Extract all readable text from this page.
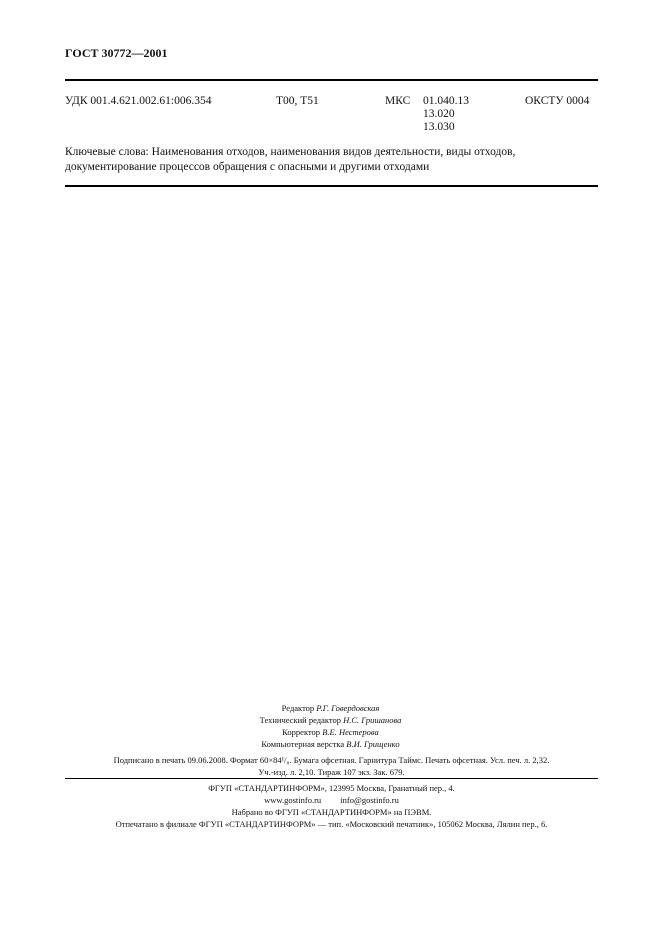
ГОСТ 30772—2001
УДК 001.4.621.002.61:006.354	Т00, Т51	МКС 01.040.13
13.020
13.030
ОКСТУ 0004
Ключевые слова: Наименования отходов, наименования видов деятельности, виды отходов, документирование процессов обращения с опасными и другими отходами
Редактор Р.Г. Говердовская
Технический редактор Н.С. Гришанова
Корректор В.Е. Нестерова
Компьютерная верстка В.И. Грищенко
Подписано в печать 09.06.2008. Формат 60×84¹/₈. Бумага офсетная. Гарнитура Таймс. Печать офсетная. Усл. печ. л. 2,32.
Уч.-изд. л. 2,10. Тираж 107 экз. Зак. 679.
ФГУП «СТАНДАРТИНФОРМ», 123995 Москва, Гранатный пер., 4.
www.gostinfo.ru info@gostinfo.ru
Набрано во ФГУП «СТАНДАРТИНФОРМ» на ПЭВМ.
Отпечатано в филиале ФГУП «СТАНДАРТИНФОРМ» — тип. «Московский печатник», 105062 Москва, Лялин пер., 6.
